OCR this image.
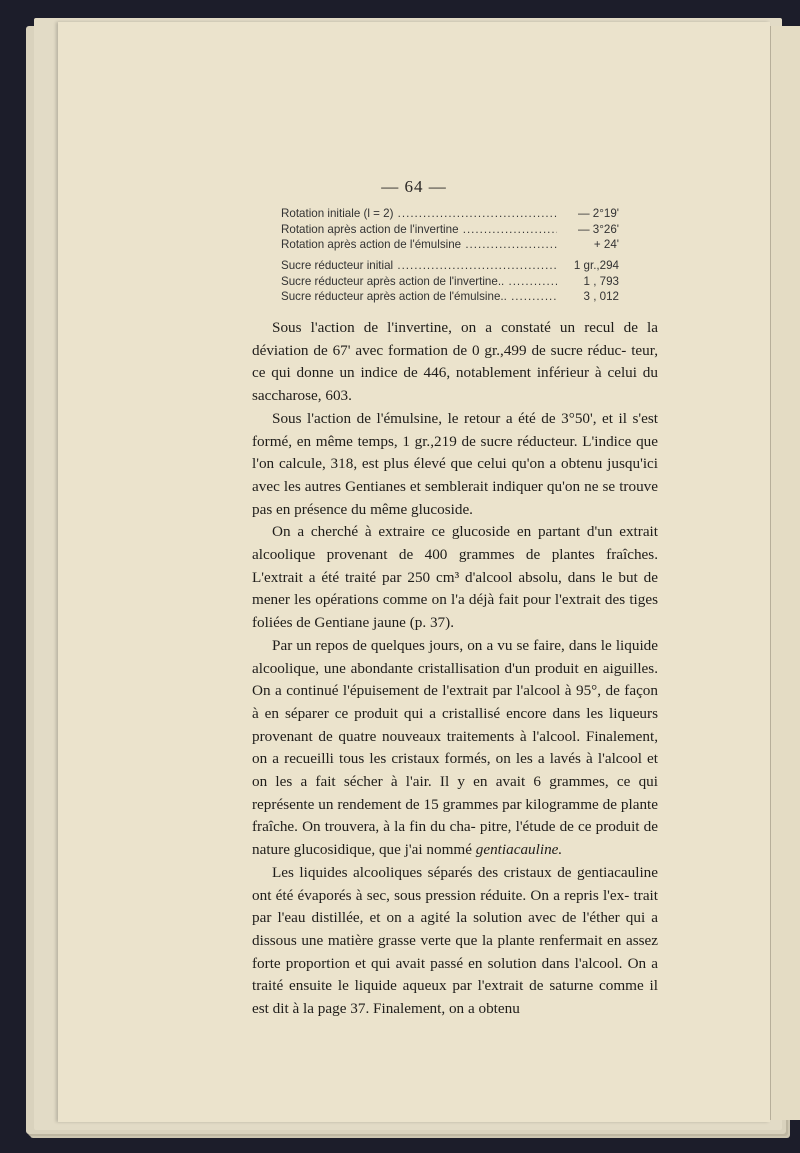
— 64 —
Rotation initiale (l = 2) .....	— 2°19'
Rotation après action de l'invertine .....	— 3°26'
Rotation après action de l'émulsine .....	+ 24'
Sucre réducteur initial .....	1 gr.,294
Sucre réducteur après action de l'invertine.. .....	1 , 793
Sucre réducteur après action de l'émulsine.. .....	3 , 012

Sous l'action de l'invertine, on a constaté un recul de la déviation de 67' avec formation de 0 gr.,499 de sucre réduc- teur, ce qui donne un indice de 446, notablement inférieur à celui du saccharose, 603.

Sous l'action de l'émulsine, le retour a été de 3°50', et il s'est formé, en même temps, 1 gr.,219 de sucre réducteur. L'indice que l'on calcule, 318, est plus élevé que celui qu'on a obtenu jusqu'ici avec les autres Gentianes et semblerait indiquer qu'on ne se trouve pas en présence du même glucoside.

On a cherché à extraire ce glucoside en partant d'un extrait alcoolique provenant de 400 grammes de plantes fraîches. L'extrait a été traité par 250 cm³ d'alcool absolu, dans le but de mener les opérations comme on l'a déjà fait pour l'extrait des tiges foliées de Gentiane jaune (p. 37).

Par un repos de quelques jours, on a vu se faire, dans le liquide alcoolique, une abondante cristallisation d'un produit en aiguilles. On a continué l'épuisement de l'extrait par l'alcool à 95°, de façon à en séparer ce produit qui a cristallisé encore dans les liqueurs provenant de quatre nouveaux traitements à l'alcool. Finalement, on a recueilli tous les cristaux formés, on les a lavés à l'alcool et on les a fait sécher à l'air. Il y en avait 6 grammes, ce qui représente un rendement de 15 grammes par kilogramme de plante fraîche. On trouvera, à la fin du cha- pitre, l'étude de ce produit de nature glucosidique, que j'ai nommé gentiacauline.

Les liquides alcooliques séparés des cristaux de gentiacauline ont été évaporés à sec, sous pression réduite. On a repris l'ex- trait par l'eau distillée, et on a agité la solution avec de l'éther qui a dissous une matière grasse verte que la plante renfermait en assez forte proportion et qui avait passé en solution dans l'alcool. On a traité ensuite le liquide aqueux par l'extrait de saturne comme il est dit à la page 37. Finalement, on a obtenu
